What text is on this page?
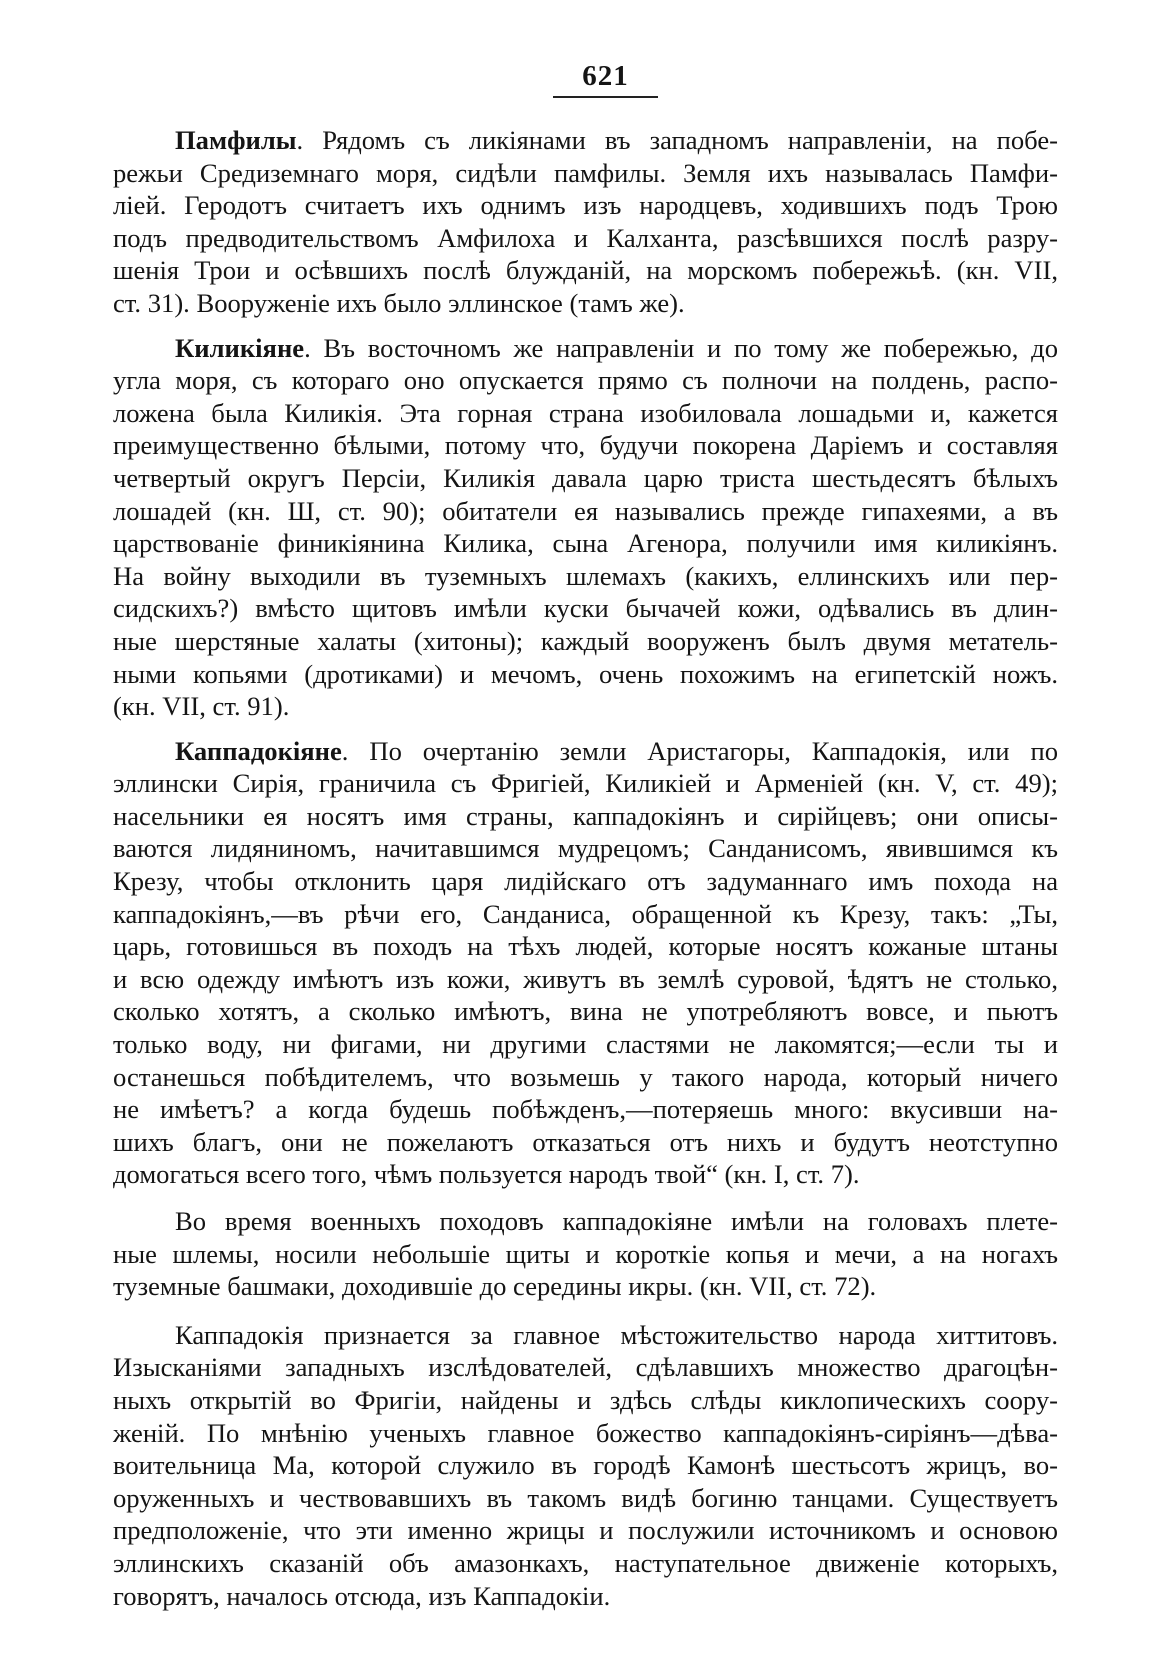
621
Памфилы. Рядомъ съ ликіянами въ западномъ направленіи, на побе-
режьи Средиземнаго моря, сидѣли памфилы. Земля ихъ называлась Памфи-
ліей. Геродотъ считаетъ ихъ однимъ изъ народцевъ, ходившихъ подъ Трою
подъ предводительствомъ Амфилоха и Калханта, разсѣвшихся послѣ разру-
шенія Трои и осѣвшихъ послѣ блужданій, на морскомъ побережьѣ. (кн. VII,
ст. 31). Вооруженіе ихъ было эллинское (тамъ же).
Киликіяне. Въ восточномъ же направленіи и по тому же побережью, до
угла моря, съ котораго оно опускается прямо съ полночи на полдень, распо-
ложена была Киликія. Эта горная страна изобиловала лошадьми и, кажется
преимущественно бѣлыми, потому что, будучи покорена Даріемъ и составляя
четвертый округъ Персіи, Киликія давала царю триста шестьдесятъ бѣлыхъ
лошадей (кн. Ш, ст. 90); обитатели ея назывались прежде гипахеями, а въ
царствованіе финикіянина Килика, сына Агенора, получили имя киликіянъ.
На войну выходили въ туземныхъ шлемахъ (какихъ, еллинскихъ или пер-
сидскихъ?) вмѣсто щитовъ имѣли куски бычачей кожи, одѣвались въ длин-
ные шерстяные халаты (хитоны); каждый вооруженъ былъ двумя метатель-
ными копьями (дротиками) и мечомъ, очень похожимъ на египетскій ножъ.
(кн. VII, ст. 91).
Каппадокіяне. По очертанію земли Аристагоры, Каппадокія, или по
эллински Сирія, граничила съ Фригіей, Киликіей и Арменіей (кн. V, ст. 49);
насельники ея носятъ имя страны, каппадокіянъ и сирійцевъ; они описы-
ваются лидяниномъ, начитавшимся мудрецомъ; Санданисомъ, явившимся къ
Крезу, чтобы отклонить царя лидійскаго отъ задуманнаго имъ похода на
каппадокіянъ,—въ рѣчи его, Санданиса, обращенной къ Крезу, такъ: „Ты,
царь, готовишься въ походъ на тѣхъ людей, которые носятъ кожаные штаны
и всю одежду имѣютъ изъ кожи, живутъ въ землѣ суровой, ѣдятъ не столько,
сколько хотятъ, а сколько имѣютъ, вина не употребляютъ вовсе, и пьютъ
только воду, ни фигами, ни другими сластями не лакомятся;—если ты и
останешься побѣдителемъ, что возьмешь у такого народа, который ничего
не имѣетъ? а когда будешь побѣжденъ,—потеряешь много: вкусивши на-
шихъ благъ, они не пожелаютъ отказаться отъ нихъ и будутъ неотступно
домогаться всего того, чѣмъ пользуется народъ твой“ (кн. I, ст. 7).
Во время военныхъ походовъ каппадокіяне имѣли на головахъ плете-
ные шлемы, носили небольшіе щиты и короткіе копья и мечи, а на ногахъ
туземные башмаки, доходившіе до середины икры. (кн. VII, ст. 72).
Каппадокія признается за главное мѣстожительство народа хиттитовъ.
Изысканіями западныхъ изслѣдователей, сдѣлавшихъ множество драгоцѣн-
ныхъ открытій во Фригіи, найдены и здѣсь слѣды киклопическихъ соору-
женій. По мнѣнію ученыхъ главное божество каппадокіянъ-сиріянъ—дѣва-
воительница Ма, которой служило въ городѣ Камонѣ шестьсотъ жрицъ, во-
оруженныхъ и чествовавшихъ въ такомъ видѣ богиню танцами. Существуетъ
предположеніе, что эти именно жрицы и послужили источникомъ и основою
эллинскихъ сказаній объ амазонкахъ, наступательное движеніе которыхъ,
говорятъ, началось отсюда, изъ Каппадокіи.
